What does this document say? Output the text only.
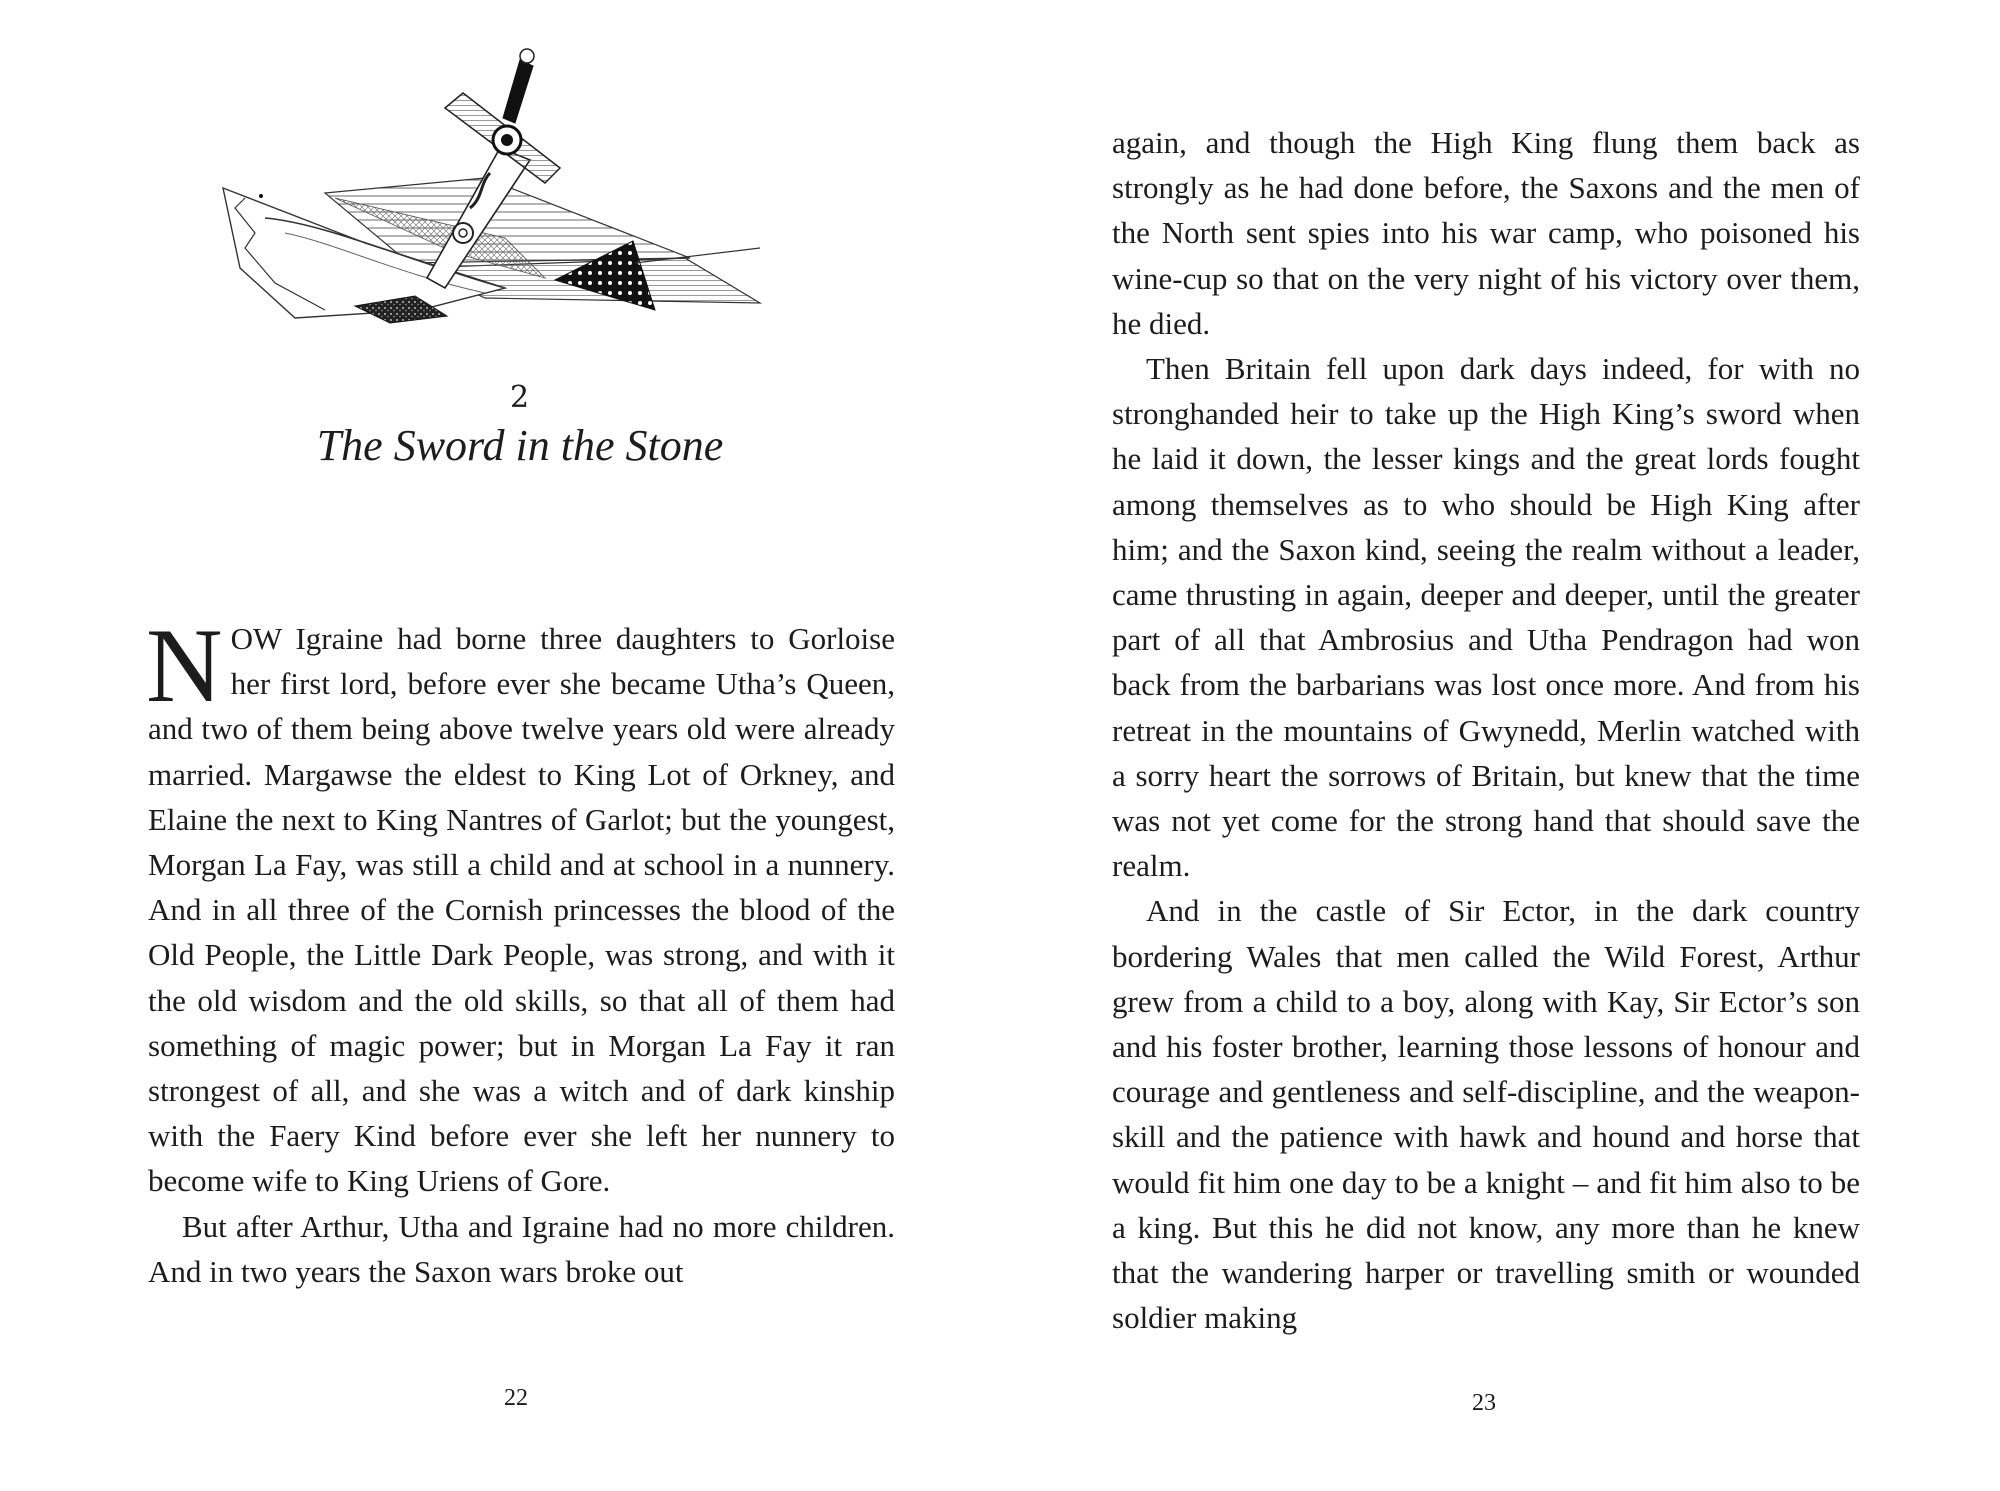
2
The Sword in the Stone

NOW Igraine had borne three daughters to Gorloise her first lord, before ever she became Utha’s Queen, and two of them being above twelve years old were already married. Margawse the eldest to King Lot of Orkney, and Elaine the next to King Nantres of Garlot; but the youngest, Morgan La Fay, was still a child and at school in a nunnery. And in all three of the Cornish princesses the blood of the Old People, the Little Dark People, was strong, and with it the old wisdom and the old skills, so that all of them had something of magic power; but in Morgan La Fay it ran strongest of all, and she was a witch and of dark kinship with the Faery Kind before ever she left her nunnery to become wife to King Uriens of Gore.

But after Arthur, Utha and Igraine had no more children. And in two years the Saxon wars broke out

22

again, and though the High King flung them back as strongly as he had done before, the Saxons and the men of the North sent spies into his war camp, who poisoned his wine-cup so that on the very night of his victory over them, he died.

Then Britain fell upon dark days indeed, for with no stronghanded heir to take up the High King’s sword when he laid it down, the lesser kings and the great lords fought among themselves as to who should be High King after him; and the Saxon kind, seeing the realm without a leader, came thrusting in again, deeper and deeper, until the greater part of all that Ambrosius and Utha Pendragon had won back from the barbarians was lost once more. And from his retreat in the mountains of Gwynedd, Merlin watched with a sorry heart the sorrows of Britain, but knew that the time was not yet come for the strong hand that should save the realm.

And in the castle of Sir Ector, in the dark country bordering Wales that men called the Wild Forest, Arthur grew from a child to a boy, along with Kay, Sir Ector’s son and his foster brother, learning those lessons of honour and courage and gentleness and self-discipline, and the weapon-skill and the patience with hawk and hound and horse that would fit him one day to be a knight – and fit him also to be a king. But this he did not know, any more than he knew that the wandering harper or travelling smith or wounded soldier making

23
